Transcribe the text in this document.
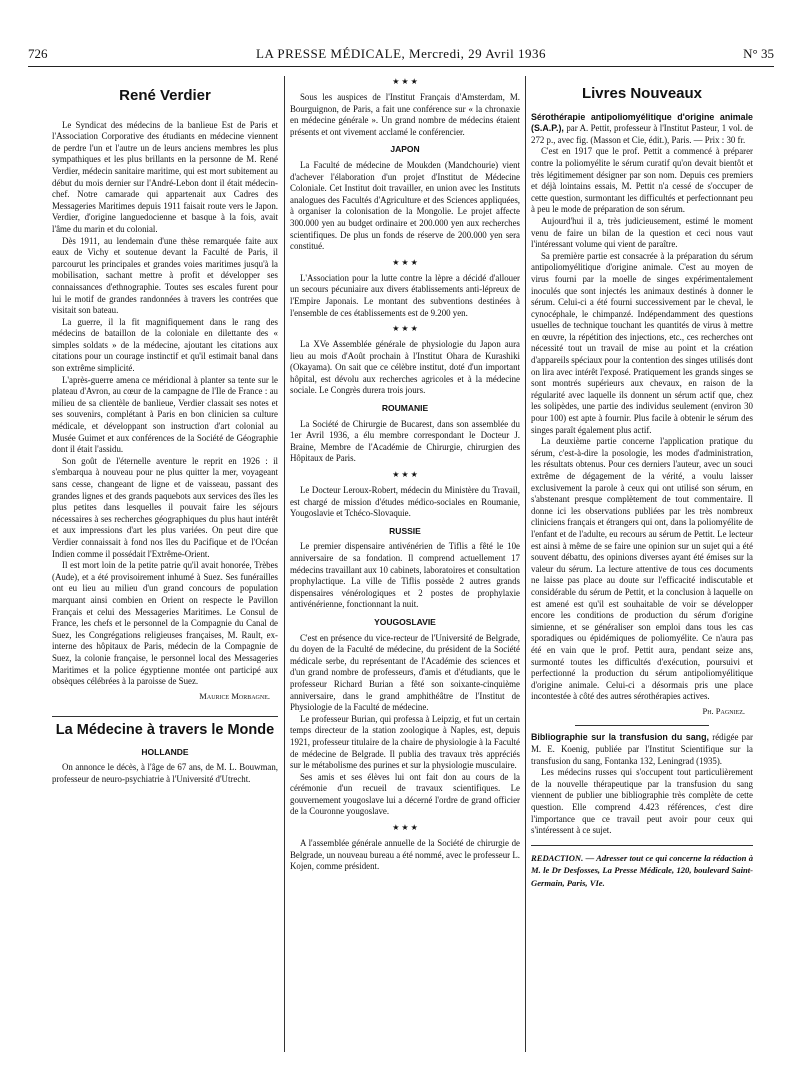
726	LA PRESSE MÉDICALE, Mercredi, 29 Avril 1936	N° 35
René Verdier

Le Syndicat des médecins de la banlieue Est de Paris et l'Association Corporative des étudiants en médecine viennent de perdre l'un et l'autre un de leurs anciens membres les plus sympathiques et les plus brillants en la personne de M. René Verdier, médecin sanitaire maritime, qui est mort subitement au début du mois dernier sur l'André-Lebon dont il était médecin-chef. Notre camarade qui appartenait aux Cadres des Messageries Maritimes depuis 1911 faisait route vers le Japon. Verdier, d'origine languedocienne et basque à la fois, avait l'âme du marin et du colonial.

Dès 1911, au lendemain d'une thèse remarquée faite aux eaux de Vichy et soutenue devant la Faculté de Paris, il parcourut les principales et grandes voies maritimes jusqu'à la mobilisation, sachant mettre à profit et développer ses connaissances d'ethnographie. Toutes ses escales furent pour lui le motif de grandes randonnées à travers les contrées que visitait son bateau.

La guerre, il la fit magnifiquement dans le rang des médecins de bataillon de la coloniale en dilettante des « simples soldats » de la médecine, ajoutant les citations aux citations pour un courage instinctif et qu'il estimait banal dans son extrême simplicité.

L'après-guerre amena ce méridional à planter sa tente sur le plateau d'Avron, au cœur de la campagne de l'Ile de France : au milieu de sa clientèle de banlieue, Verdier classait ses notes et ses souvenirs, complétant à Paris en bon clinicien sa culture médicale, et développant son instruction d'art colonial au Musée Guimet et aux conférences de la Société de Géographie dont il était l'assidu.

Son goût de l'éternelle aventure le reprit en 1926 : il s'embarqua à nouveau pour ne plus quitter la mer, voyageant sans cesse, changeant de ligne et de vaisseau, passant des grandes lignes et des grands paquebots aux services des îles les plus petites dans lesquelles il pouvait faire les séjours nécessaires à ses recherches géographiques du plus haut intérêt et aux impressions d'art les plus variées. On peut dire que Verdier connaissait à fond nos îles du Pacifique et de l'Océan Indien comme il possédait l'Extrême-Orient.

Il est mort loin de la petite patrie qu'il avait honorée, Trèbes (Aude), et a été provisoirement inhumé à Suez. Ses funérailles ont eu lieu au milieu d'un grand concours de population marquant ainsi combien en Orient on respecte le Pavillon Français et celui des Messageries Maritimes. Le Consul de France, les chefs et le personnel de la Compagnie du Canal de Suez, les Congrégations religieuses françaises, M. Rault, ex-interne des hôpitaux de Paris, médecin de la Compagnie de Suez, la colonie française, le personnel local des Messageries Maritimes et la police égyptienne montée ont participé aux obsèques célébrées à la paroisse de Suez.

Maurice Morbagne.
La Médecine à travers le Monde
HOLLANDE

On annonce le décès, à l'âge de 67 ans, de M. L. Bouwman, professeur de neuro-psychiatrie à l'Université d'Utrecht.

★ ★ ★

Sous les auspices de l'Institut Français d'Amsterdam, M. Bourguignon, de Paris, a fait une conférence sur « la chronaxie en médecine générale ». Un grand nombre de médecins étaient présents et ont vivement acclamé le conférencier.

JAPON

La Faculté de médecine de Moukden (Mandchourie) vient d'achever l'élaboration d'un projet d'Institut de Médecine Coloniale. Cet Institut doit travailler, en union avec les Instituts analogues des Facultés d'Agriculture et des Sciences appliquées, à organiser la colonisation de la Mongolie. Le projet affecte 300.000 yen au budget ordinaire et 200.000 yen aux recherches scientifiques. De plus un fonds de réserve de 200.000 yen sera constitué.

★ ★ ★

L'Association pour la lutte contre la lèpre a décidé d'allouer un secours pécuniaire aux divers établissements anti-lépreux de l'Empire Japonais. Le montant des subventions destinées à l'ensemble de ces établissements est de 9.200 yen.

★ ★ ★

La XVe Assemblée générale de physiologie du Japon aura lieu au mois d'Août prochain à l'Institut Ohara de Kurashiki (Okayama). On sait que ce célèbre institut, doté d'un important hôpital, est dévolu aux recherches agricoles et à la médecine sociale. Le Congrès durera trois jours.

ROUMANIE

La Société de Chirurgie de Bucarest, dans son assemblée du 1er Avril 1936, a élu membre correspondant le Docteur J. Braine, Membre de l'Académie de Chirurgie, chirurgien des Hôpitaux de Paris.

★ ★ ★

Le Docteur Leroux-Robert, médecin du Ministère du Travail, est chargé de mission d'études médico-sociales en Roumanie, Yougoslavie et Tchéco-Slovaquie.

RUSSIE

Le premier dispensaire antivénérien de Tiflis a fêté le 10e anniversaire de sa fondation. Il comprend actuellement 17 médecins travaillant aux 10 cabinets, laboratoires et consultation prophylactique. La ville de Tiflis possède 2 autres grands dispensaires vénérologiques et 2 postes de prophylaxie antivénérienne, fonctionnant la nuit.

YOUGOSLAVIE

C'est en présence du vice-recteur de l'Université de Belgrade, du doyen de la Faculté de médecine, du président de la Société médicale serbe, du représentant de l'Académie des sciences et d'un grand nombre de professeurs, d'amis et d'étudiants, que le professeur Richard Burian a fêté son soixante-cinquième anniversaire, dans le grand amphithéâtre de l'Institut de Physiologie de la Faculté de médecine.

Le professeur Burian, qui professa à Leipzig, et fut un certain temps directeur de la station zoologique à Naples, est, depuis 1921, professeur titulaire de la chaire de physiologie à la Faculté de médecine de Belgrade. Il publia des travaux très appréciés sur le métabolisme des purines et sur la physiologie musculaire.

Ses amis et ses élèves lui ont fait don au cours de la cérémonie d'un recueil de travaux scientifiques. Le gouvernement yougoslave lui a décerné l'ordre de grand officier de la Couronne yougoslave.

★ ★ ★

A l'assemblée générale annuelle de la Société de chirurgie de Belgrade, un nouveau bureau a été nommé, avec le professeur L. Kojen, comme président.

Livres Nouveaux

Sérothérapie antipoliomyélitique d'origine animale (S.A.P.), par A. Pettit, professeur à l'Institut Pasteur, 1 vol. de 272 p., avec fig. (Masson et Cie, édit.), Paris. — Prix : 30 fr.

C'est en 1917 que le prof. Pettit a commencé à préparer contre la poliomyélite le sérum curatif qu'on devait bientôt et très légitimement désigner par son nom. Depuis ces premiers et déjà lointains essais, M. Pettit n'a cessé de s'occuper de cette question, surmontant les difficultés et perfectionnant peu à peu le mode de préparation de son sérum.

Aujourd'hui il a, très judicieusement, estimé le moment venu de faire un bilan de la question et ceci nous vaut l'intéressant volume qui vient de paraître.

Sa première partie est consacrée à la préparation du sérum antipoliomyélitique d'origine animale. C'est au moyen de virus fourni par la moelle de singes expérimentalement inoculés que sont injectés les animaux destinés à donner le sérum. Celui-ci a été fourni successivement par le cheval, le cynocéphale, le chimpanzé. Indépendamment des questions usuelles de technique touchant les quantités de virus à mettre en œuvre, la répétition des injections, etc., ces recherches ont nécessité tout un travail de mise au point et la création d'appareils spéciaux pour la contention des singes utilisés dont on lira avec intérêt l'exposé. Pratiquement les grands singes se sont montrés supérieurs aux chevaux, en raison de la régularité avec laquelle ils donnent un sérum actif que, chez les solipèdes, une partie des individus seulement (environ 30 pour 100) est apte à fournir. Plus facile à obtenir le sérum des singes paraît également plus actif.

La deuxième partie concerne l'application pratique du sérum, c'est-à-dire la posologie, les modes d'administration, les résultats obtenus. Pour ces derniers l'auteur, avec un souci extrême de dégagement de la vérité, a voulu laisser exclusivement la parole à ceux qui ont utilisé son sérum, en s'abstenant presque complètement de tout commentaire. Il donne ici les observations publiées par les très nombreux cliniciens français et étrangers qui ont, dans la poliomyélite de l'enfant et de l'adulte, eu recours au sérum de Pettit. Le lecteur est ainsi à même de se faire une opinion sur un sujet qui a été souvent débattu, des opinions diverses ayant été émises sur la valeur du sérum. La lecture attentive de tous ces documents ne laisse pas place au doute sur l'efficacité indiscutable et considérable du sérum de Pettit, et la conclusion à laquelle on est amené est qu'il est souhaitable de voir se développer encore les conditions de production du sérum d'origine simienne, et se généraliser son emploi dans tous les cas sporadiques ou épidémiques de poliomyélite. Ce n'aura pas été en vain que le prof. Pettit aura, pendant seize ans, surmonté toutes les difficultés d'exécution, poursuivi et perfectionné la production du sérum antipoliomyélitique d'origine animale. Celui-ci a désormais pris une place incontestée à côté des autres sérothérapies actives.

Ph. Pagniez.

Bibliographie sur la transfusion du sang, rédigée par M. E. Koenig, publiée par l'Institut Scientifique sur la transfusion du sang, Fontanka 132, Leningrad (1935).

Les médecins russes qui s'occupent tout particulièrement de la nouvelle thérapeutique par la transfusion du sang viennent de publier une bibliographie très complète de cette question. Elle comprend 4.423 références, c'est dire l'importance que ce travail peut avoir pour ceux qui s'intéressent à ce sujet.

REDACTION. — Adresser tout ce qui concerne la rédaction à M. le Dr Desfosses, La Presse Médicale, 120, boulevard Saint-Germain, Paris, VIe.
